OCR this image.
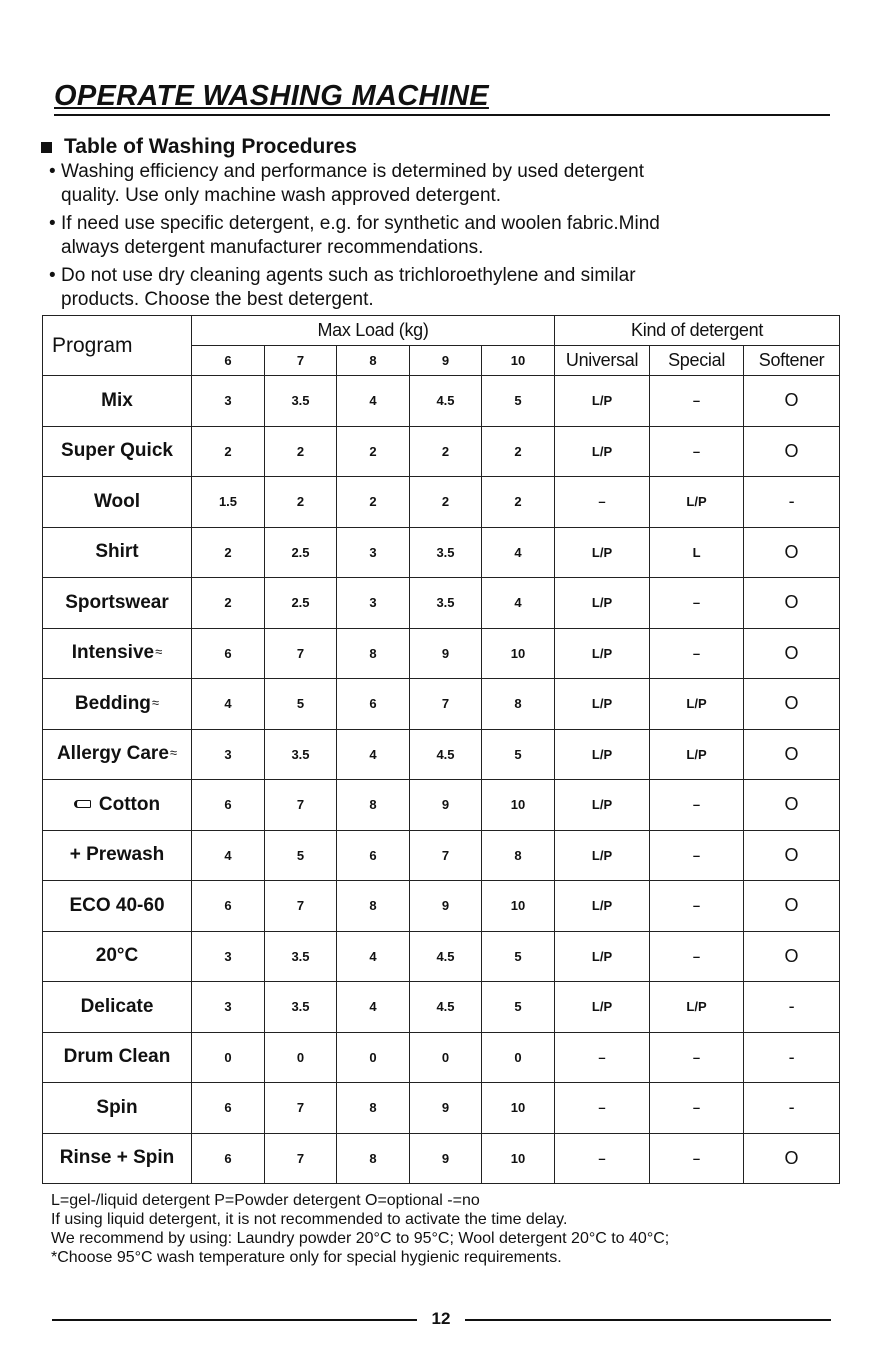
OPERATE WASHING MACHINE
Table of Washing Procedures
• Washing efficiency and performance is determined by used detergent
quality. Use only machine wash approved detergent.
• If need use specific detergent, e.g. for synthetic and woolen fabric.Mind
always detergent manufacturer recommendations.
• Do not use dry cleaning agents such as trichloroethylene and similar
products. Choose the best detergent.
Program	Max Load (kg)					Kind of detergent		
	6	7	8	9	10	Universal	Special	Softener
Mix	3	3.5	4	4.5	5	L/P	–	O
Super Quick	2	2	2	2	2	L/P	–	O
Wool	1.5	2	2	2	2	–	L/P	-
Shirt	2	2.5	3	3.5	4	L/P	L	O
Sportswear	2	2.5	3	3.5	4	L/P	–	O
Intensive≈	6	7	8	9	10	L/P	–	O
Bedding≈	4	5	6	7	8	L/P	L/P	O
Allergy Care≈	3	3.5	4	4.5	5	L/P	L/P	O
Cotton	6	7	8	9	10	L/P	–	O
+ Prewash	4	5	6	7	8	L/P	–	O
ECO 40-60	6	7	8	9	10	L/P	–	O
20°C	3	3.5	4	4.5	5	L/P	–	O
Delicate	3	3.5	4	4.5	5	L/P	L/P	-
Drum Clean	0	0	0	0	0	–	–	-
Spin	6	7	8	9	10	–	–	-
Rinse + Spin	6	7	8	9	10	–	–	O
L=gel-/liquid detergent P=Powder detergent O=optional -=no
If using liquid detergent, it is not recommended to activate the time delay.
We recommend by using: Laundry powder 20°C to 95°C; Wool detergent 20°C to 40°C;
*Choose 95°C wash temperature only for special hygienic requirements.
12
